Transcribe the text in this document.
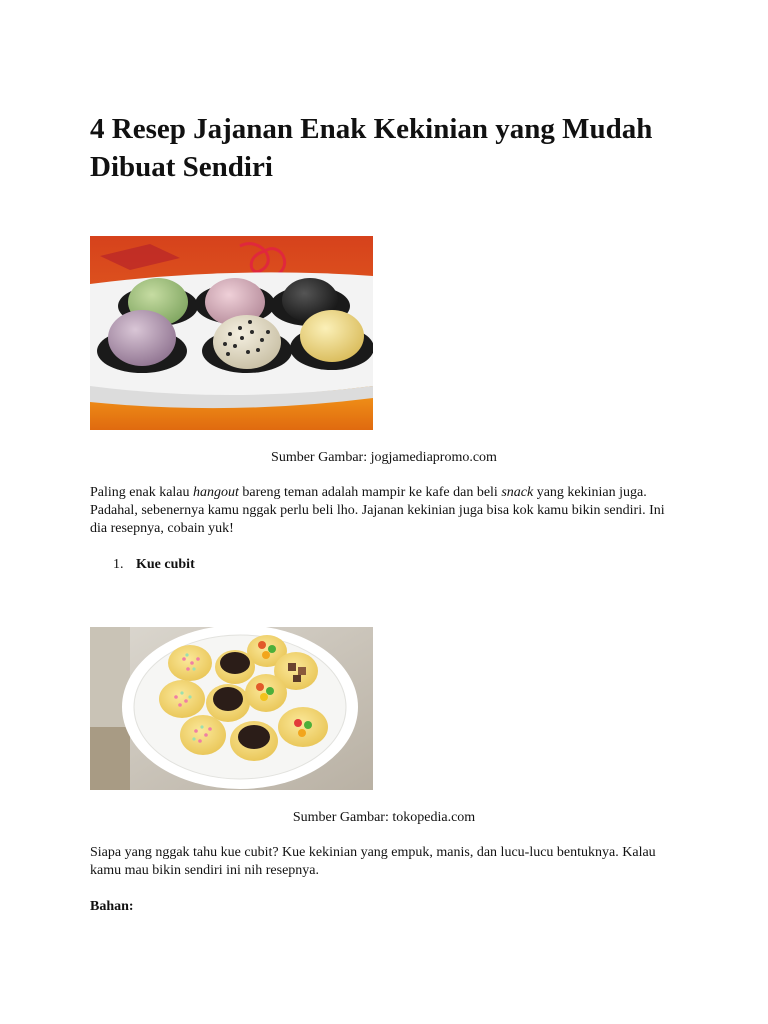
4 Resep Jajanan Enak Kekinian yang Mudah Dibuat Sendiri
Sumber Gambar: jogjamediapromo.com

Paling enak kalau hangout bareng teman adalah mampir ke kafe dan beli snack yang kekinian juga. Padahal, sebenernya kamu nggak perlu beli lho. Jajanan kekinian juga bisa kok kamu bikin sendiri. Ini dia resepnya, cobain yuk!

1. Kue cubit
Sumber Gambar: tokopedia.com

Siapa yang nggak tahu kue cubit? Kue kekinian yang empuk, manis, dan lucu-lucu bentuknya. Kalau kamu mau bikin sendiri ini nih resepnya.

Bahan:
